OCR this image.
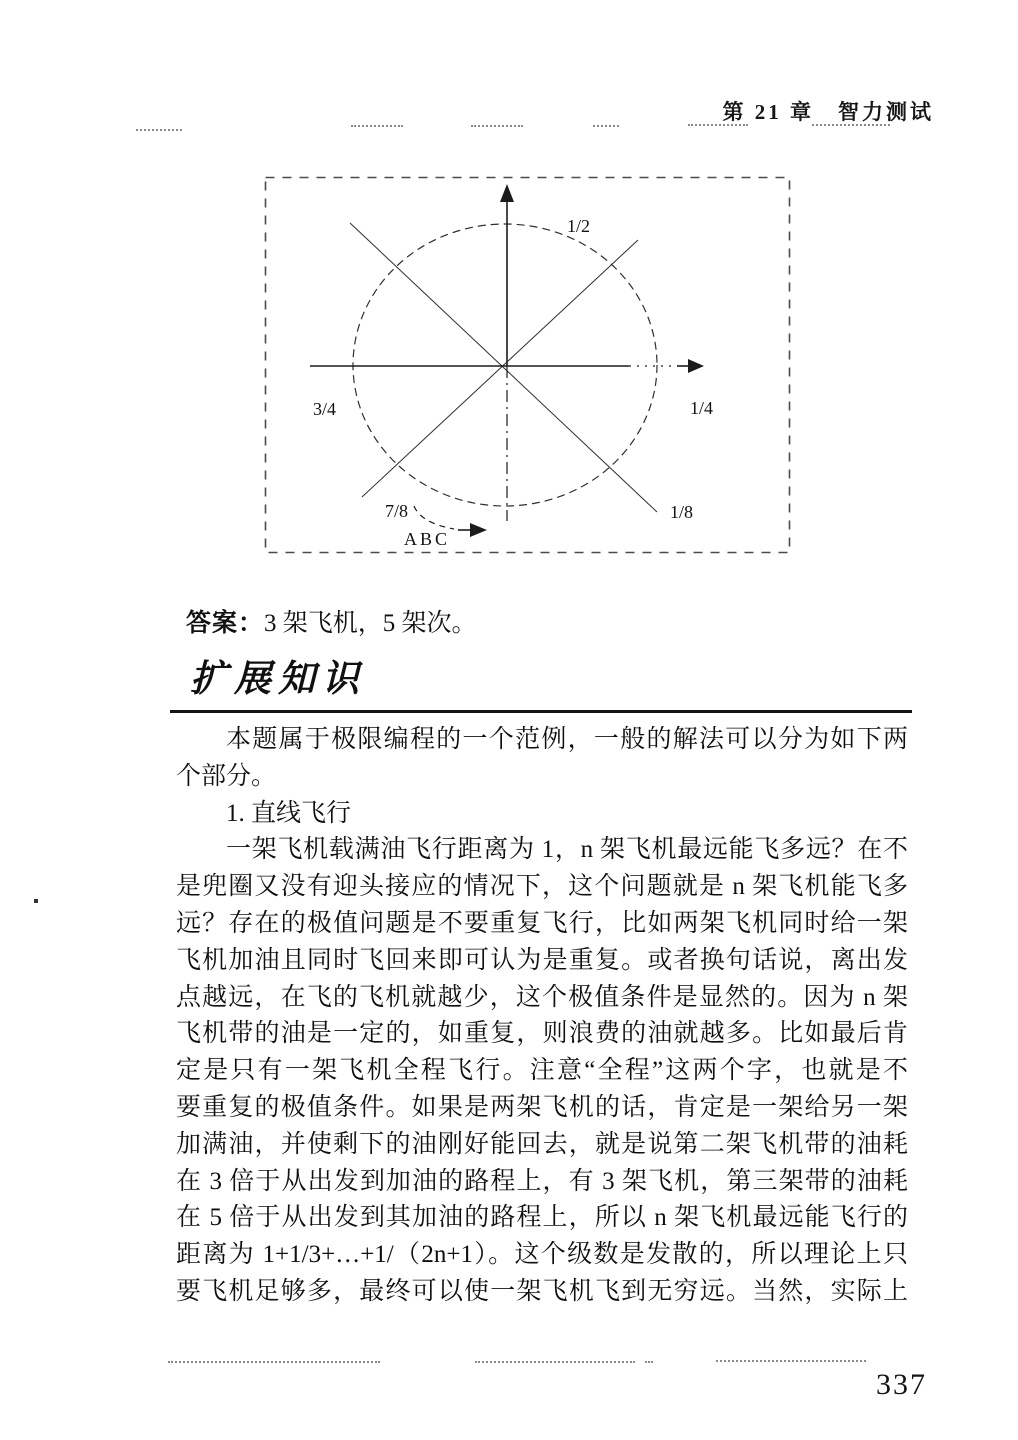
第 21 章　智力测试
1/2
1/4
3/4
7/8	1/8
ABC

答案：3 架飞机，5 架次。

扩展知识
本题属于极限编程的一个范例，一般的解法可以分为如下两
个部分。
1. 直线飞行
一架飞机载满油飞行距离为 1，n 架飞机最远能飞多远？在不
是兜圈又没有迎头接应的情况下，这个问题就是 n 架飞机能飞多
远？存在的极值问题是不要重复飞行，比如两架飞机同时给一架
飞机加油且同时飞回来即可认为是重复。或者换句话说，离出发
点越远，在飞的飞机就越少，这个极值条件是显然的。因为 n 架
飞机带的油是一定的，如重复，则浪费的油就越多。比如最后肯
定是只有一架飞机全程飞行。注意“全程”这两个字，也就是不
要重复的极值条件。如果是两架飞机的话，肯定是一架给另一架
加满油，并使剩下的油刚好能回去，就是说第二架飞机带的油耗
在 3 倍于从出发到加油的路程上，有 3 架飞机，第三架带的油耗
在 5 倍于从出发到其加油的路程上，所以 n 架飞机最远能飞行的
距离为 1+1/3+…+1/（2n+1）。这个级数是发散的，所以理论上只
要飞机足够多，最终可以使一架飞机飞到无穷远。当然，实际上
337
